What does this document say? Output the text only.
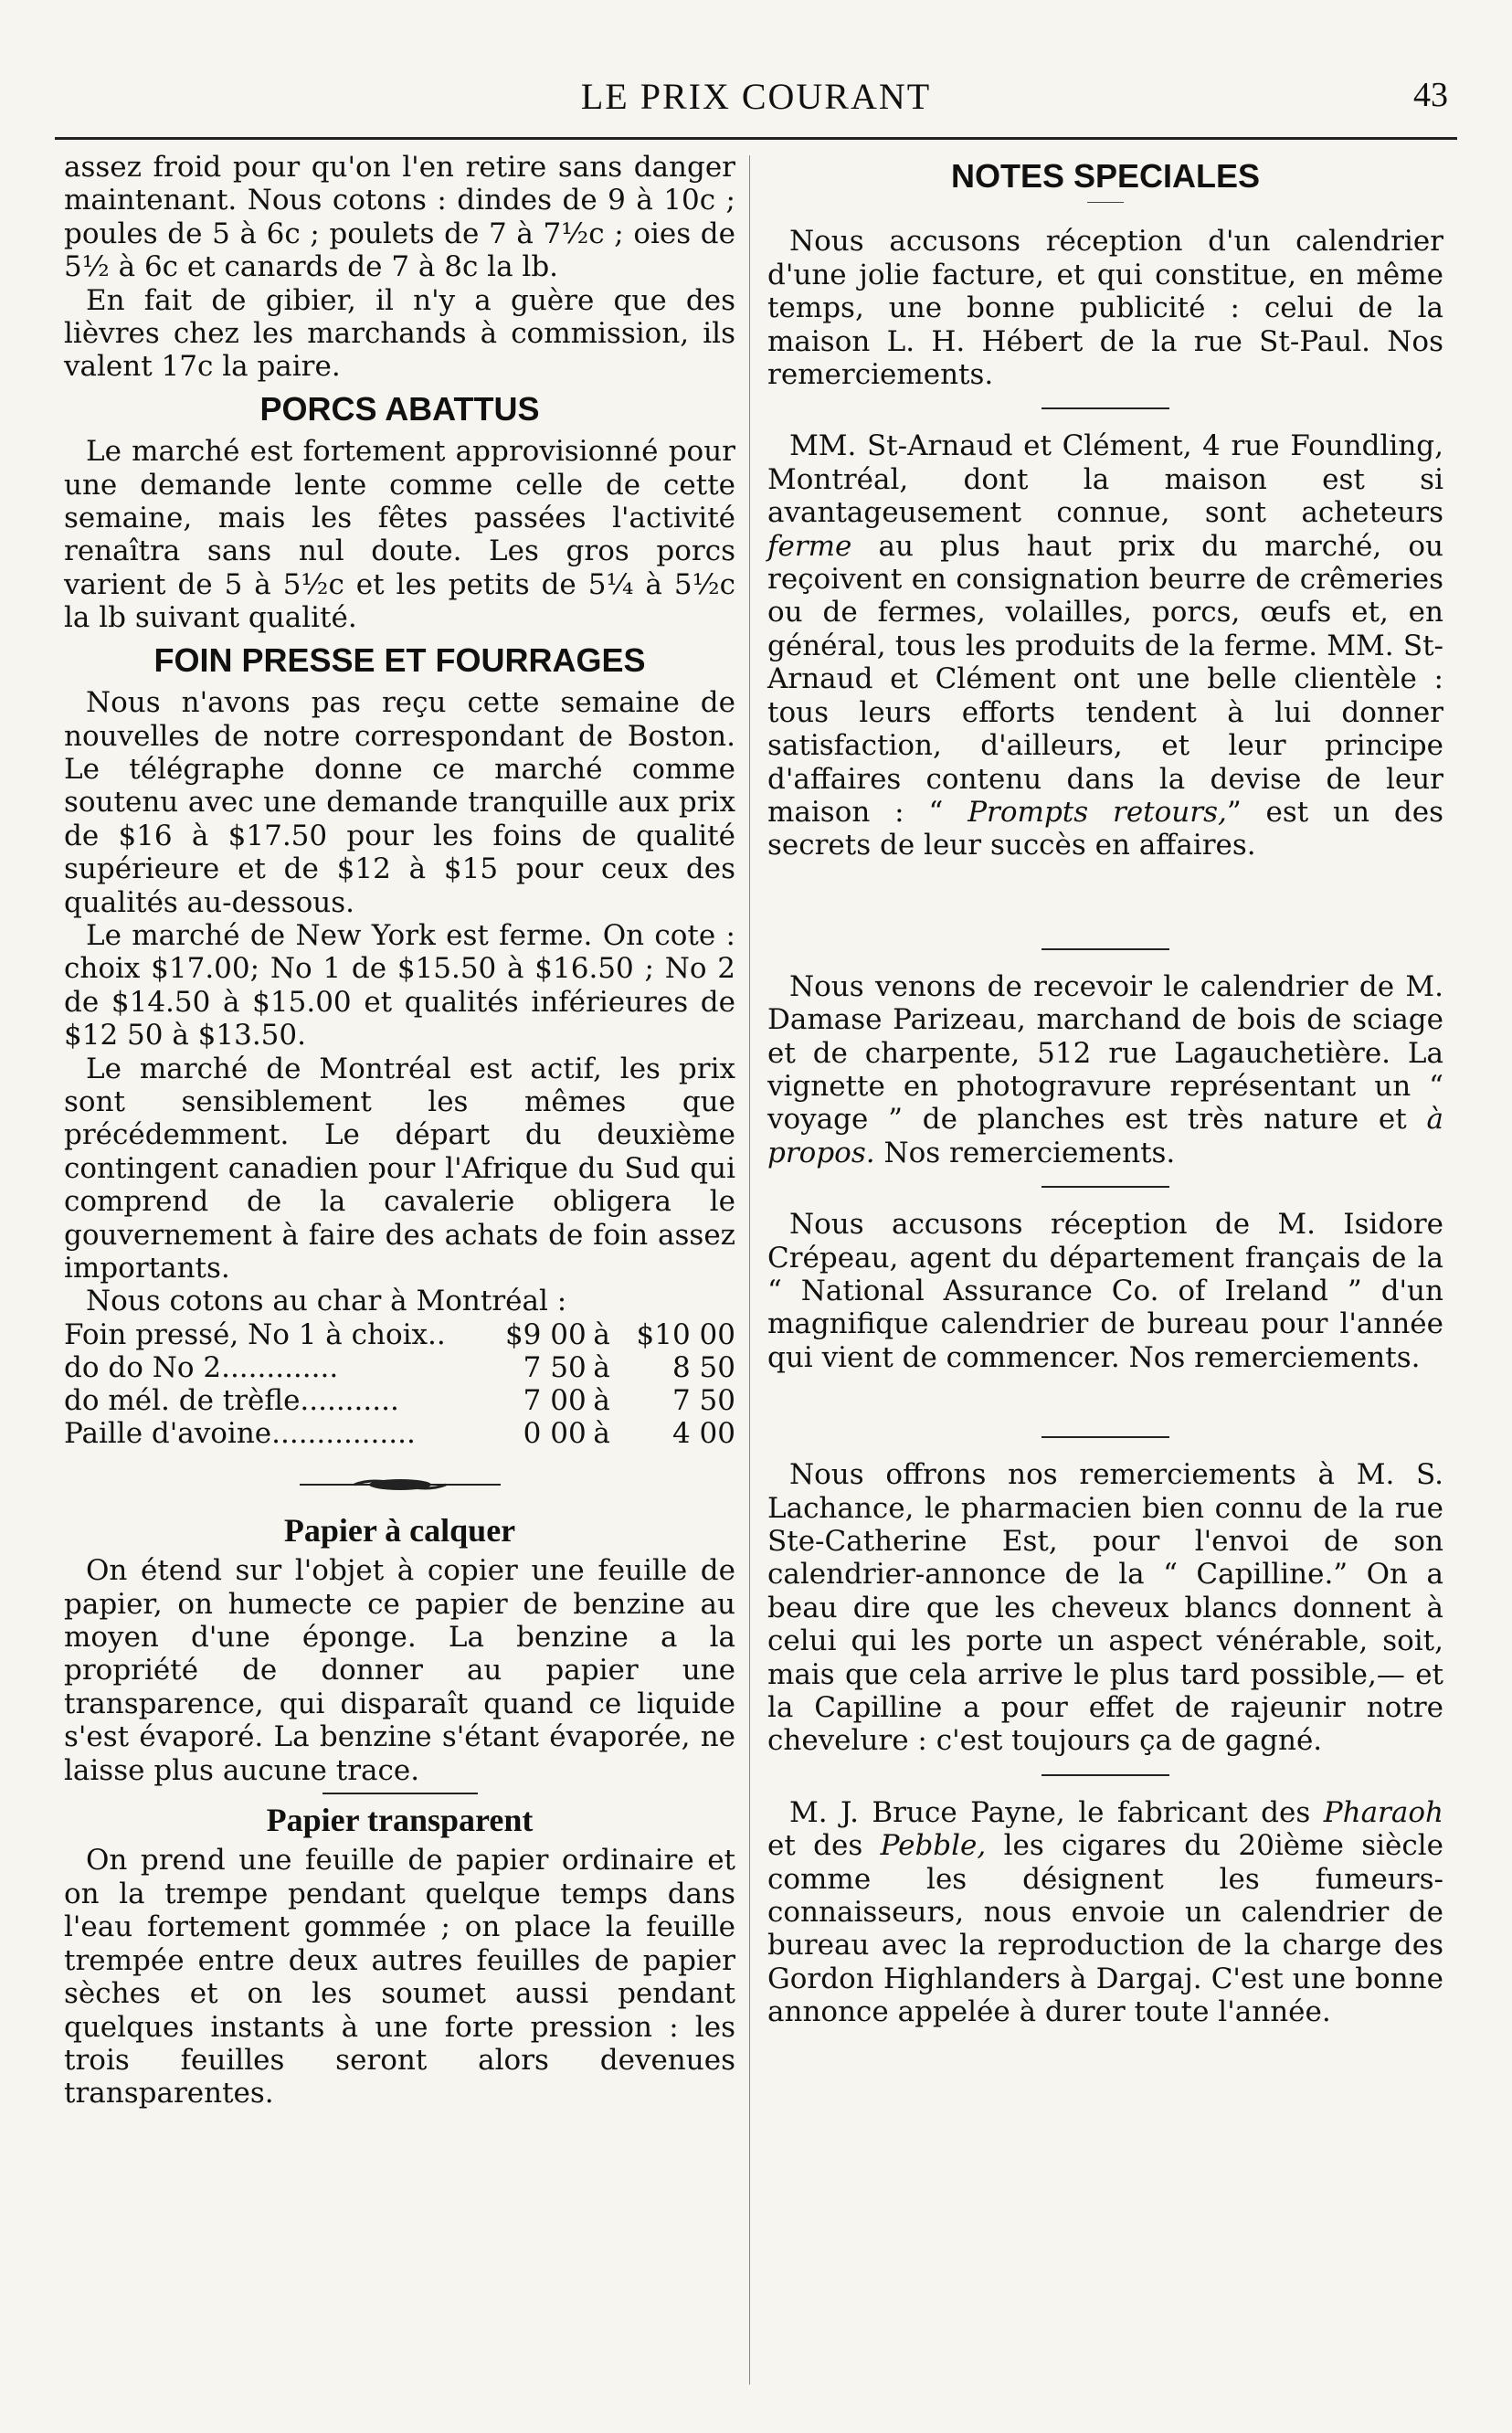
LE PRIX COURANT	43

assez froid pour qu'on l'en retire sans danger maintenant. Nous cotons : dindes de 9 à 10c ; poules de 5 à 6c ; poulets de 7 à 7½c ; oies de 5½ à 6c et canards de 7 à 8c la lb.

En fait de gibier, il n'y a guère que des lièvres chez les marchands à commission, ils valent 17c la paire.

PORCS ABATTUS

Le marché est fortement approvisionné pour une demande lente comme celle de cette semaine, mais les fêtes passées l'activité renaîtra sans nul doute. Les gros porcs varient de 5 à 5½c et les petits de 5¼ à 5½c la lb suivant qualité.

FOIN PRESSE ET FOURRAGES

Nous n'avons pas reçu cette semaine de nouvelles de notre correspondant de Boston. Le télégraphe donne ce marché comme soutenu avec une demande tranquille aux prix de $16 à $17.50 pour les foins de qualité supérieure et de $12 à $15 pour ceux des qualités au-dessous.

Le marché de New York est ferme. On cote : choix $17.00; No 1 de $15.50 à $16.50 ; No 2 de $14.50 à $15.00 et qualités inférieures de $12 50 à $13.50.

Le marché de Montréal est actif, les prix sont sensiblement les mêmes que précédemment. Le départ du deuxième contingent canadien pour l'Afrique du Sud qui comprend de la cavalerie obligera le gouvernement à faire des achats de foin assez importants.

Nous cotons au char à Montréal :

Foin pressé, No 1 à choix..	$9 00	à	$10 00
do do No 2.............	7 50	à	8 50
do mél. de trèfle...........	7 00	à	7 50
Paille d'avoine................	0 00	à	4 00
Papier à calquer

On étend sur l'objet à copier une feuille de papier, on humecte ce papier de benzine au moyen d'une éponge. La benzine a la propriété de donner au papier une transparence, qui disparaît quand ce liquide s'est évaporé. La benzine s'étant évaporée, ne laisse plus aucune trace.

Papier transparent

On prend une feuille de papier ordinaire et on la trempe pendant quelque temps dans l'eau fortement gommée ; on place la feuille trempée entre deux autres feuilles de papier sèches et on les soumet aussi pendant quelques instants à une forte pression : les trois feuilles seront alors devenues transparentes.

NOTES SPECIALES

Nous accusons réception d'un calendrier d'une jolie facture, et qui constitue, en même temps, une bonne publicité : celui de la maison L. H. Hébert de la rue St-Paul. Nos remerciements.

MM. St-Arnaud et Clément, 4 rue Foundling, Montréal, dont la maison est si avantageusement connue, sont acheteurs ferme au plus haut prix du marché, ou reçoivent en consignation beurre de crêmeries ou de fermes, volailles, porcs, œufs et, en général, tous les produits de la ferme. MM. St-Arnaud et Clément ont une belle clientèle : tous leurs efforts tendent à lui donner satisfaction, d'ailleurs, et leur principe d'affaires contenu dans la devise de leur maison : “ Prompts retours,” est un des secrets de leur succès en affaires.

Nous venons de recevoir le calendrier de M. Damase Parizeau, marchand de bois de sciage et de charpente, 512 rue Lagauchetière. La vignette en photogravure représentant un “ voyage ” de planches est très nature et à propos. Nos remerciements.

Nous accusons réception de M. Isidore Crépeau, agent du département français de la “ National Assurance Co. of Ireland ” d'un magnifique calendrier de bureau pour l'année qui vient de commencer. Nos remerciements.

Nous offrons nos remerciements à M. S. Lachance, le pharmacien bien connu de la rue Ste-Catherine Est, pour l'envoi de son calendrier-annonce de la “ Capilline.” On a beau dire que les cheveux blancs donnent à celui qui les porte un aspect vénérable, soit, mais que cela arrive le plus tard possible,— et la Capilline a pour effet de rajeunir notre chevelure : c'est toujours ça de gagné.

M. J. Bruce Payne, le fabricant des Pharaoh et des Pebble, les cigares du 20ième siècle comme les désignent les fumeurs-connaisseurs, nous envoie un calendrier de bureau avec la reproduction de la charge des Gordon Highlanders à Dargaj. C'est une bonne annonce appelée à durer toute l'année.
